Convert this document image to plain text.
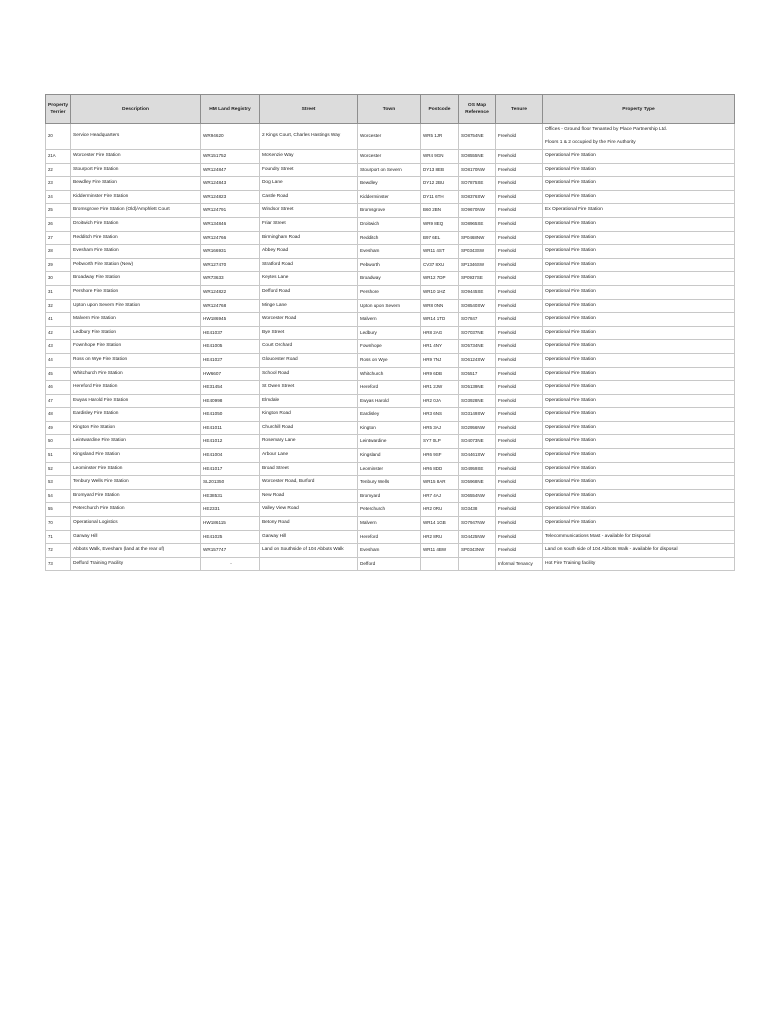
Property Terrier	Description	HM Land Registry	Street	Town	Postcode	OS Map Reference	Tenure	Property Type
20	Service Headquarters	WR94620	2 Kings Court, Charles Hastings Way	Worcester	WR5 1JR	SO8754NE	Freehold	Offices - Ground floor Tenanted by Place Partnership Ltd.
Floors 1 & 2 occupied by the Fire Authority

21A	Worcester Fire Station	WR151752	McKenzie Way	Worcester	WR4 9GN	SO8555NE	Freehold	Operational Fire Station
22	Stourport Fire Station	WR124847	Foundry Street	Stourport on Severn	DY13 8EB	SO8170NW	Freehold	Operational Fire Station
23	Bewdley Fire Station	WR124843	Dog Lane	Bewdley	DY12 2BU	SO7875SE	Freehold	Operational Fire Station
24	Kidderminster Fire Station	WR124823	Castle Road	Kidderminster	DY11 6TH	SO8376SW	Freehold	Operational Fire Station
25	Bromsgrove Fire Station (Old)/Amphlett Court	WR124791	Windsor Street	Bromsgrove	B60 2BN	SO9670NW	Freehold	Ex Operational Fire Station
26	Droitwich Fire Station	WR134846	Friar Street	Droitwich	WR9 8EQ	SO8965SE	Freehold	Operational Fire Station
27	Redditch Fire Station	WR124766	Birmingham Road	Redditch	B97 6EL	SP0468NW	Freehold	Operational Fire Station
28	Evesham Fire Station	WR166931	Abbey Road	Evesham	WR11 4ST	SP0343SW	Freehold	Operational Fire Station
29	Pebworth Fire Station (New)	WR127470	Stratford Road	Pebworth	CV37 8XU	SP1346SW	Freehold	Operational Fire Station
30	Broadway Fire Station	WR73633	Keytes Lane	Broadway	WR12 7DP	SP0937SE	Freehold	Operational Fire Station
31	Pershore Fire Station	WR124822	Defford Road	Pershore	WR10 1HZ	SO9445SE	Freehold	Operational Fire Station
32	Upton upon Severn Fire Station	WR124768	Minge Lane	Upton upon Severn	WR8 0NN	SO8540SW	Freehold	Operational Fire Station
41	Malvern Fire Station	HW186945	Worcester Road	Malvern	WR14 1TD	SO7847	Freehold	Operational Fire Station
42	Ledbury Fire Station	HE41037	Bye Street	Ledbury	HR8 2AG	SO7037NE	Freehold	Operational Fire Station
43	Fownhope Fire Station	HE41005	Court Orchard	Fownhope	HR1 4NY	SO5734NE	Freehold	Operational Fire Station
44	Ross on Wye Fire Station	HE41027	Gloucester Road	Ross on Wye	HR9 7NJ	SO6124SW	Freehold	Operational Fire Station
45	Whitchurch Fire Station	HW6607	School Road	Whitchurch	HR9 6DB	SO5517	Freehold	Operational Fire Station
46	Hereford Fire Station	HE31454	St Owen Street	Hereford	HR1 2JW	SO5139NE	Freehold	Operational Fire Station
47	Ewyas Harold Fire Station	HE40998	Elmdale	Ewyas Harold	HR2 0JA	SO3928NE	Freehold	Operational Fire Station
48	Eardisley Fire Station	HE41050	Kington Road	Eardisley	HR3 6NS	SO3149SW	Freehold	Operational Fire Station
49	Kington Fire Station	HE41011	Churchill Road	Kington	HR5 3AJ	SO2956NW	Freehold	Operational Fire Station
50	Leintwardine Fire Station	HE41012	Rosemary Lane	Leintwardine	SY7 0LP	SO4073NE	Freehold	Operational Fire Station
51	Kingsland Fire Station	HE41004	Arbour Lane	Kingsland	HR6 9SF	SO4461SW	Freehold	Operational Fire Station
52	Leominster Fire Station	HE41017	Broad Street	Leominster	HR6 8DD	SO4959SE	Freehold	Operational Fire Station
53	Tenbury Wells Fire Station	SL201350	Worcester Road, Burford	Tenbury Wells	WR15 8AR	SO5968NE	Freehold	Operational Fire Station
54	Bromyard Fire Station	HE38531	New Road	Bromyard	HR7 4AJ	SO6554NW	Freehold	Operational Fire Station
55	Peterchurch Fire Station	HE2331	Valley View Road	Peterchurch	HR2 0RU	SO3438	Freehold	Operational Fire Station
70	Operational Logistics	HW186115	Betony Road	Malvern	WR14 1GB	SO7947NW	Freehold	Operational Fire Station
71	Garway Hill	HE41025	Garway Hill	Hereford	HR2 8RU	SO4425NW	Freehold	Telecommunications Mast - available for Disposal
72	Abbots Walk, Evesham (land at the rear of)	WR157747	Land on Southside of 104 Abbots Walk	Evesham	WR11 4BW	SP0343NW	Freehold	Land on south side of 104 Abbots Walk - available for disposal
73	Defford Training Facility	-		Defford			Informal Tenancy	Hot Fire Training facility
